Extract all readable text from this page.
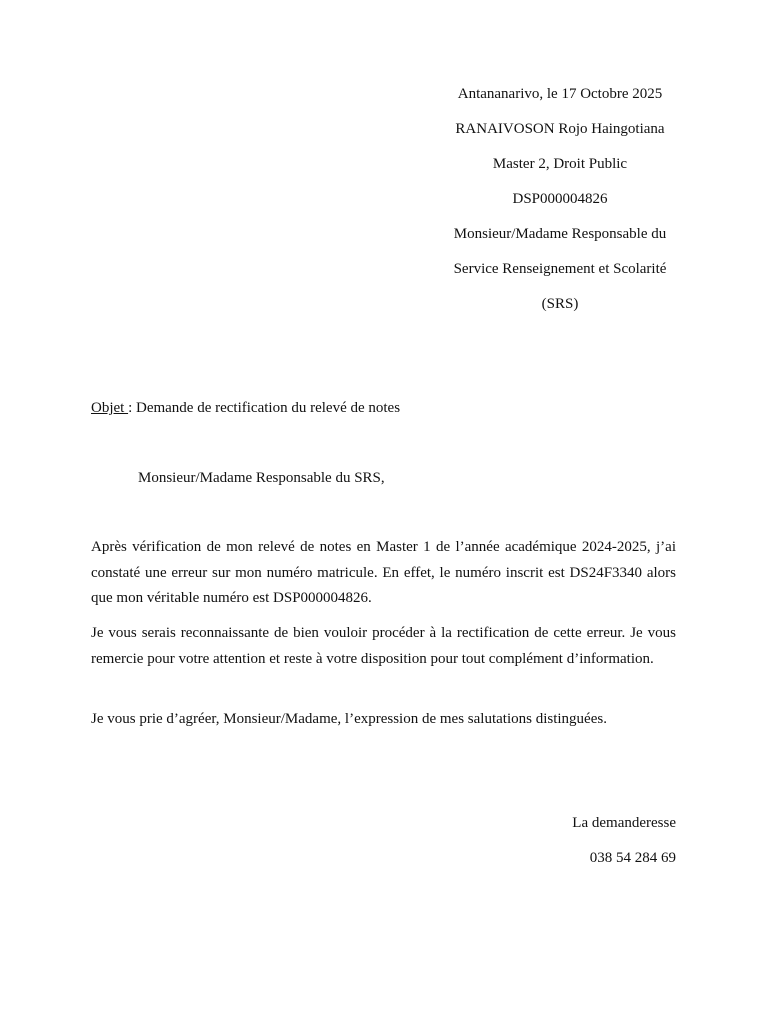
Antananarivo, le 17 Octobre 2025
RANAIVOSON Rojo Haingotiana
Master 2, Droit Public
DSP000004826
Monsieur/Madame Responsable du
Service Renseignement et Scolarité
(SRS)
Objet : Demande de rectification du relevé de notes
Monsieur/Madame Responsable du SRS,

Après vérification de mon relevé de notes en Master 1 de l’année académique 2024-2025, j’ai constaté une erreur sur mon numéro matricule. En effet, le numéro inscrit est DS24F3340 alors que mon véritable numéro est DSP000004826.

Je vous serais reconnaissante de bien vouloir procéder à la rectification de cette erreur. Je vous remercie pour votre attention et reste à votre disposition pour tout complément d’information.

Je vous prie d’agréer, Monsieur/Madame, l’expression de mes salutations distinguées.

La demanderesse
038 54 284 69
